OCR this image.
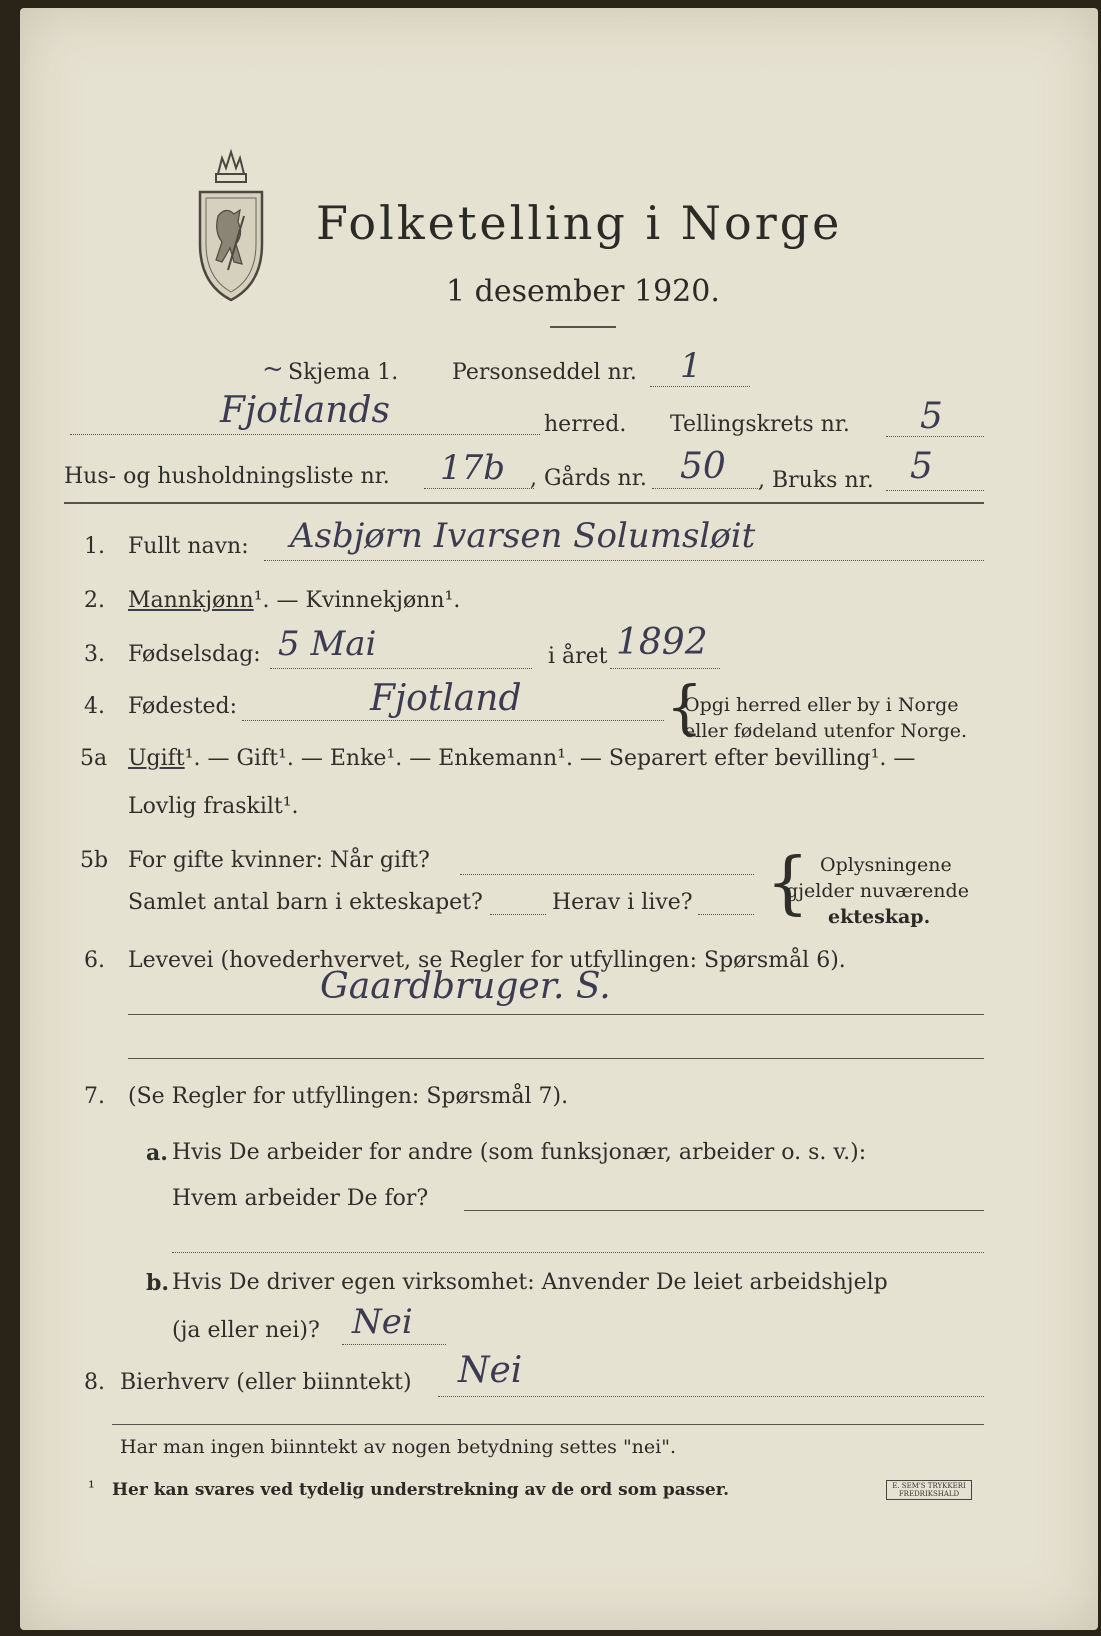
Folketelling i Norge
1 desember 1920.
~ Skjema 1. Personseddel nr. 1
Fjotlands	herred. Tellingskrets nr. 5
Hus- og husholdningsliste nr. 17b , Gårds nr. 50 , Bruks nr. 5
1. Fullt navn: Asbjørn Ivarsen Solumsløit
2. Mannkjønn¹. — Kvinnekjønn¹.
3. Fødselsdag: 5 Mai	i året 1892
4. Fødested:	Fjotland {
Opgi herred eller by i Norge
eller fødeland utenfor Norge.
5a Ugift¹. — Gift¹. — Enke¹. — Enkemann¹. — Separert efter bevilling¹. —
Lovlig fraskilt¹.
5b For gifte kvinner: Når gift?
Samlet antal barn i ekteskapet?	Herav i live? { Oplysningene
gjelder nuværende
ekteskap.
6. Levevei (hovederhvervet, se Regler for utfyllingen: Spørsmål 6).
Gaardbruger. S.
7. (Se Regler for utfyllingen: Spørsmål 7).
a. Hvis De arbeider for andre (som funksjonær, arbeider o. s. v.):
Hvem arbeider De for?
b. Hvis De driver egen virksomhet: Anvender De leiet arbeidshjelp
(ja eller nei)? Nei
8. Bierhverv (eller biinntekt) Nei
Har man ingen biinntekt av nogen betydning settes "nei".
¹ Her kan svares ved tydelig understrekning av de ord som passer.	E. SEM'S TRYKKERI
FREDRIKSHALD
